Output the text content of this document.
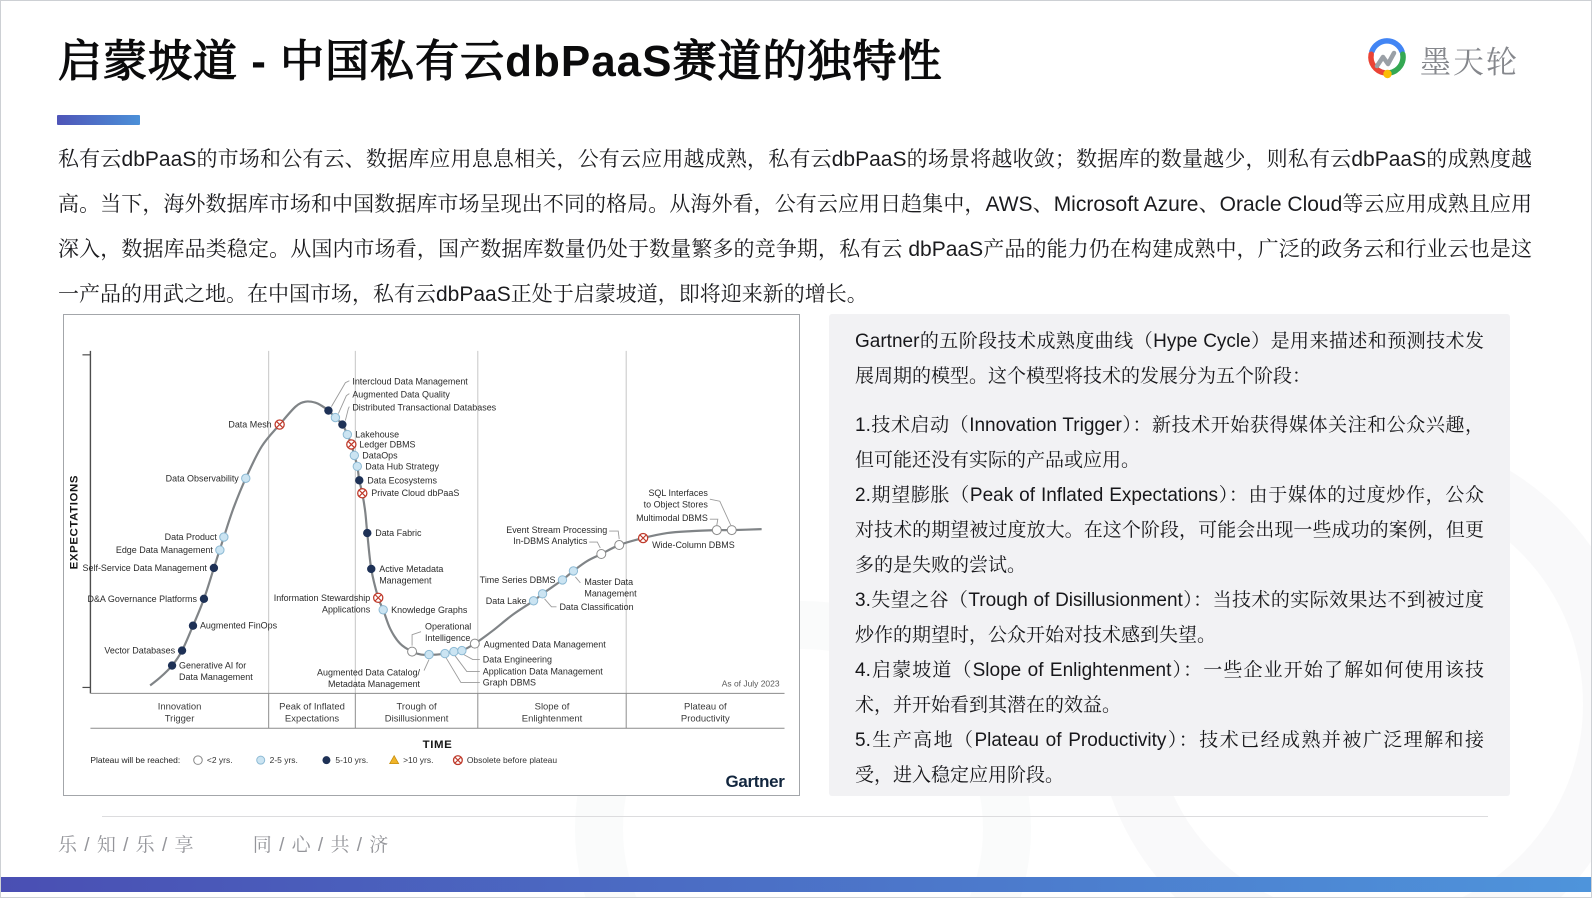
启蒙坡道 - 中国私有云dbPaaS赛道的独特性	墨天轮

私有云dbPaaS的市场和公有云、数据库应用息息相关，公有云应用越成熟，私有云dbPaaS的场景将越收敛；数据库的数量越少，则私有云dbPaaS的成熟度越高。当下，海外数据库市场和中国数据库市场呈现出不同的格局。从海外看，公有云应用日趋集中，AWS、Microsoft Azure、Oracle Cloud等云应用成熟且应用深入，数据库品类稳定。从国内市场看，国产数据库数量仍处于数量繁多的竞争期，私有云 dbPaaS产品的能力仍在构建成熟中，广泛的政务云和行业云也是这一产品的用武之地。在中国市场，私有云dbPaaS正处于启蒙坡道，即将迎来新的增长。

EXPECTATIONS
Generative AI for
Data Management
Vector Databases
Augmented FinOps
D&A Governance Platforms
Self-Service Data Management
Edge Data Management
Data Product
Data Observability
Data Mesh
Intercloud Data Management
Augmented Data Quality
Distributed Transactional Databases
Lakehouse
Ledger DBMS
DataOps
Data Hub Strategy
Data Ecosystems
Private Cloud dbPaaS
Data Fabric
Active Metadata
Management
Information Stewardship
Applications Knowledge Graphs
Operational
Intelligence
Augmented Data Catalog/
Metadata Management	Graph DBMS
Application Data Management
Data Engineering
Augmented Data Management
Data Lake
Data Classification
Time Series DBMS	Master Data
Management
In-DBMS Analytics
Event Stream Processing
Wide-Column DBMS
Multimodal DBMS
SQL Interfaces
to Object Stores
As of July 2023
Innovation
Trigger
Peak of Inflated
Expectations
Trough of
Disillusionment
Slope of
Enlightenment
Plateau of
Productivity
TIME
Plateau will be reached:	<2 yrs.	2-5 yrs.	5-10 yrs.	>10 yrs.	Obsolete before plateau
Gartner

Gartner的五阶段技术成熟度曲线（Hype Cycle）是用来描述和预测技术发展周期的模型。这个模型将技术的发展分为五个阶段：

1.技术启动（Innovation Trigger）：新技术开始获得媒体关注和公众兴趣，但可能还没有实际的产品或应用。

2.期望膨胀（Peak of Inflated Expectations）：由于媒体的过度炒作，公众对技术的期望被过度放大。在这个阶段，可能会出现一些成功的案例，但更多的是失败的尝试。

3.失望之谷（Trough of Disillusionment）：当技术的实际效果达不到被过度炒作的期望时，公众开始对技术感到失望。

4.启蒙坡道（Slope of Enlightenment）：一些企业开始了解如何使用该技术，并开始看到其潜在的效益。

5.生产高地（Plateau of Productivity）：技术已经成熟并被广泛理解和接受，进入稳定应用阶段。

乐 / 知 / 乐 / 享	同 / 心 / 共 / 济
